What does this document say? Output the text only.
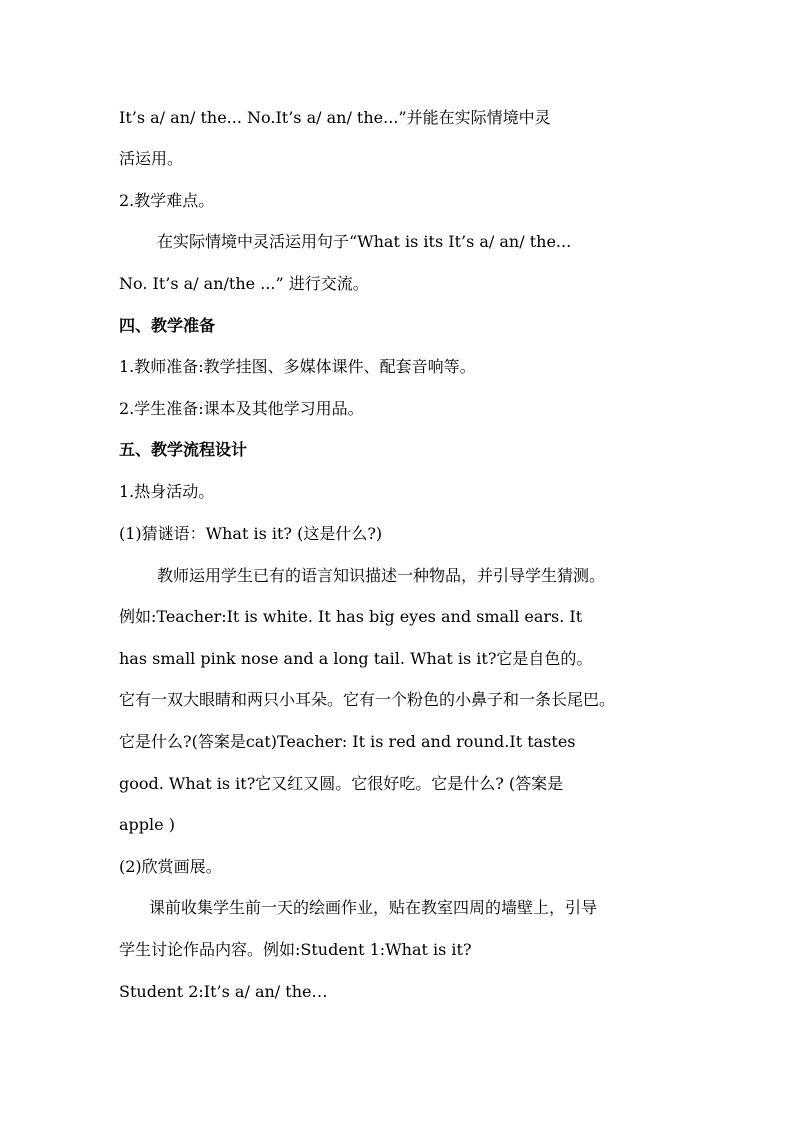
It’s a/ an/ the... No.It’s a/ an/ the...”并能在实际情境中灵
活运用。
2.教学难点。
在实际情境中灵活运用句子“What is its It’s a/ an/ the...
No. It’s a/ an/the ...” 进行交流。
四、教学准备
1.教师准备:教学挂图、多媒体课件、配套音响等。
2.学生准备:课本及其他学习用品。
五、教学流程设计
1.热身活动。
(1)猜谜语：What is it? (这是什么?)
教师运用学生已有的语言知识描述一种物品，并引导学生猜测。
例如:Teacher:It is white. It has big eyes and small ears. It
has small pink nose and a long tail. What is it?它是自色的。
它有一双大眼睛和两只小耳朵。它有一个粉色的小鼻子和一条长尾巴。
它是什么?(答案是cat)Teacher: It is red and round.It tastes
good. What is it?它又红又圆。它很好吃。它是什么? (答案是
apple )
(2)欣赏画展。
课前收集学生前一天的绘画作业，贴在教室四周的墙壁上，引导
学生讨论作品内容。例如:Student 1:What is it?
Student 2:It’s a/ an/ the…
